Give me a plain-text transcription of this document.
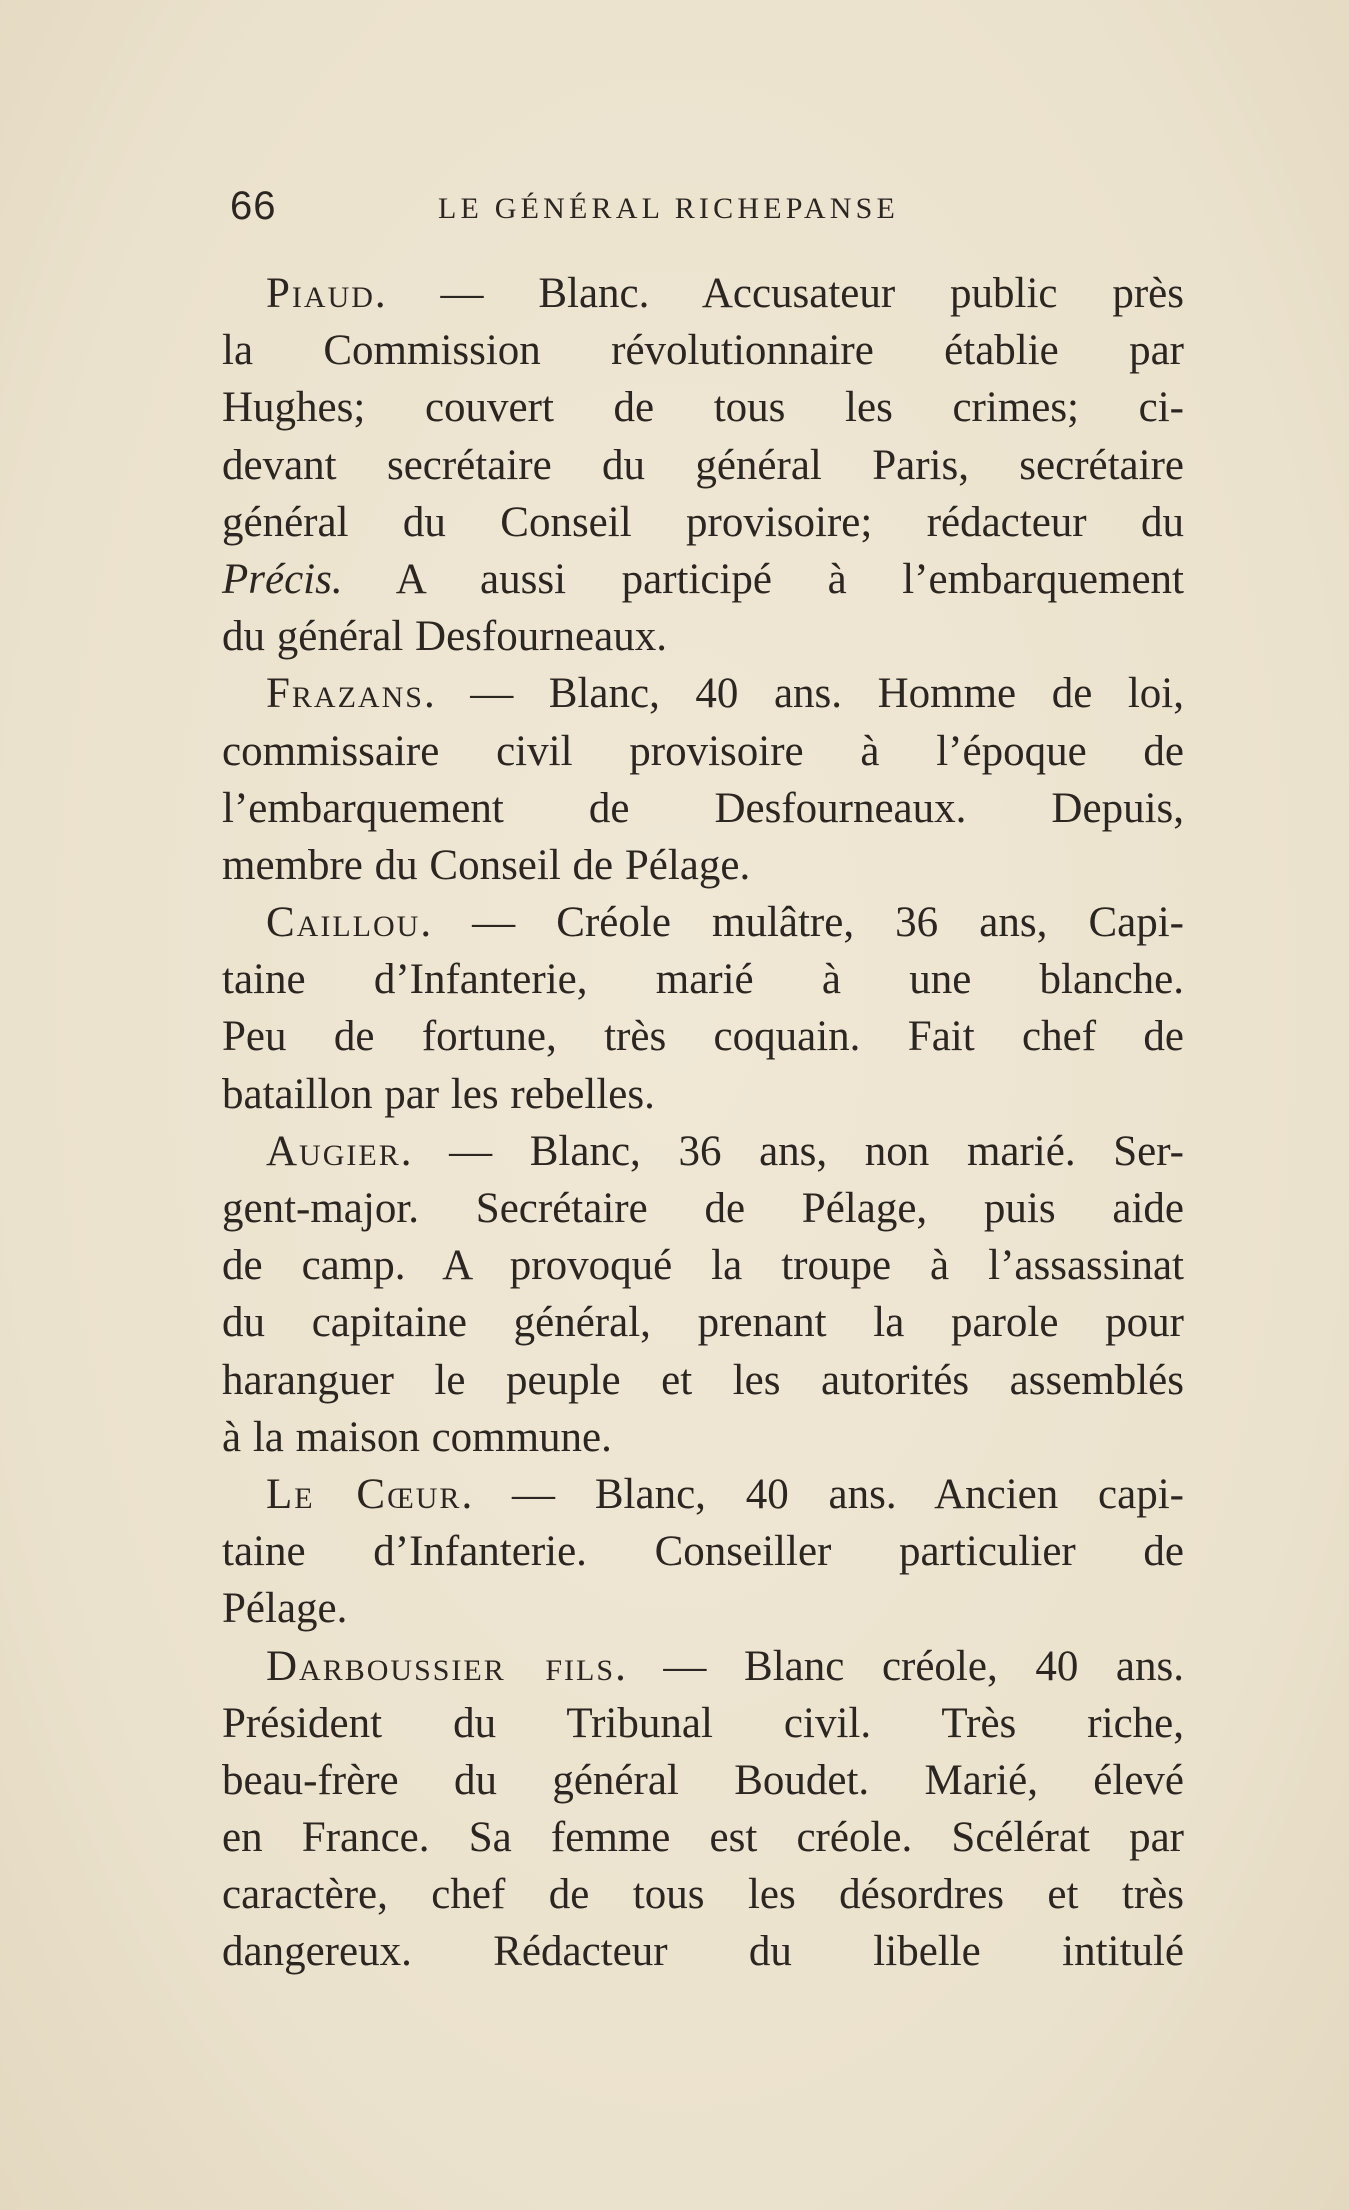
66	LE GÉNÉRAL RICHEPANSE
Piaud. — Blanc. Accusateur public près
la Commission révolutionnaire établie par
Hughes; couvert de tous les crimes; ci-
devant secrétaire du général Paris, secrétaire
général du Conseil provisoire; rédacteur du
Précis. A aussi participé à l’embarquement
du général Desfourneaux.
Frazans. — Blanc, 40 ans. Homme de loi,
commissaire civil provisoire à l’époque de
l’embarquement de Desfourneaux. Depuis,
membre du Conseil de Pélage.
Caillou. — Créole mulâtre, 36 ans, Capi-
taine d’Infanterie, marié à une blanche.
Peu de fortune, très coquain. Fait chef de
bataillon par les rebelles.
Augier. — Blanc, 36 ans, non marié. Ser-
gent-major. Secrétaire de Pélage, puis aide
de camp. A provoqué la troupe à l’assassinat
du capitaine général, prenant la parole pour
haranguer le peuple et les autorités assemblés
à la maison commune.
Le Cœur. — Blanc, 40 ans. Ancien capi-
taine d’Infanterie. Conseiller particulier de
Pélage.
Darboussier fils. — Blanc créole, 40 ans.
Président du Tribunal civil. Très riche,
beau-frère du général Boudet. Marié, élevé
en France. Sa femme est créole. Scélérat par
caractère, chef de tous les désordres et très
dangereux. Rédacteur du libelle intitulé
